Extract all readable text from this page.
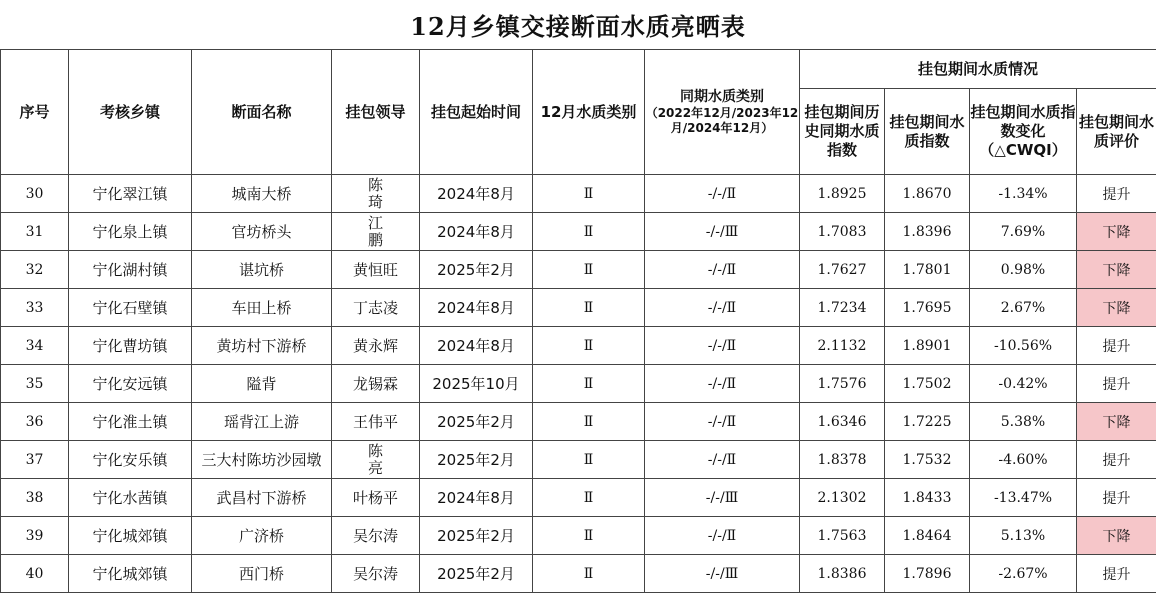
12月乡镇交接断面水质亮晒表
序号	考核乡镇	断面名称	挂包领导	挂包起始时间	12月水质类别	同期水质类别
（2022年12月/2023年12月/2024年12月）	挂包期间水质情况			
							挂包期间历史同期水质指数	挂包期间水质指数	挂包期间水质指数变化（△CWQI）	挂包期间水质评价
30	宁化翠江镇	城南大桥	陈
琦	2024年8月	Ⅱ	-/-/Ⅱ	1.8925	1.8670	-1.34%	提升
31	宁化泉上镇	官坊桥头	江
鹏	2024年8月	Ⅱ	-/-/Ⅲ	1.7083	1.8396	7.69%	下降
32	宁化湖村镇	谌坑桥	黄恒旺	2025年2月	Ⅱ	-/-/Ⅱ	1.7627	1.7801	0.98%	下降
33	宁化石壁镇	车田上桥	丁志凌	2024年8月	Ⅱ	-/-/Ⅱ	1.7234	1.7695	2.67%	下降
34	宁化曹坊镇	黄坊村下游桥	黄永辉	2024年8月	Ⅱ	-/-/Ⅱ	2.1132	1.8901	-10.56%	提升
35	宁化安远镇	隘背	龙锡霖	2025年10月	Ⅱ	-/-/Ⅱ	1.7576	1.7502	-0.42%	提升
36	宁化淮土镇	瑶背江上游	王伟平	2025年2月	Ⅱ	-/-/Ⅱ	1.6346	1.7225	5.38%	下降
37	宁化安乐镇	三大村陈坊沙园墩	陈
亮	2025年2月	Ⅱ	-/-/Ⅱ	1.8378	1.7532	-4.60%	提升
38	宁化水茜镇	武昌村下游桥	叶杨平	2024年8月	Ⅱ	-/-/Ⅲ	2.1302	1.8433	-13.47%	提升
39	宁化城郊镇	广济桥	吴尔涛	2025年2月	Ⅱ	-/-/Ⅱ	1.7563	1.8464	5.13%	下降
40	宁化城郊镇	西门桥	吴尔涛	2025年2月	Ⅱ	-/-/Ⅲ	1.8386	1.7896	-2.67%	提升
